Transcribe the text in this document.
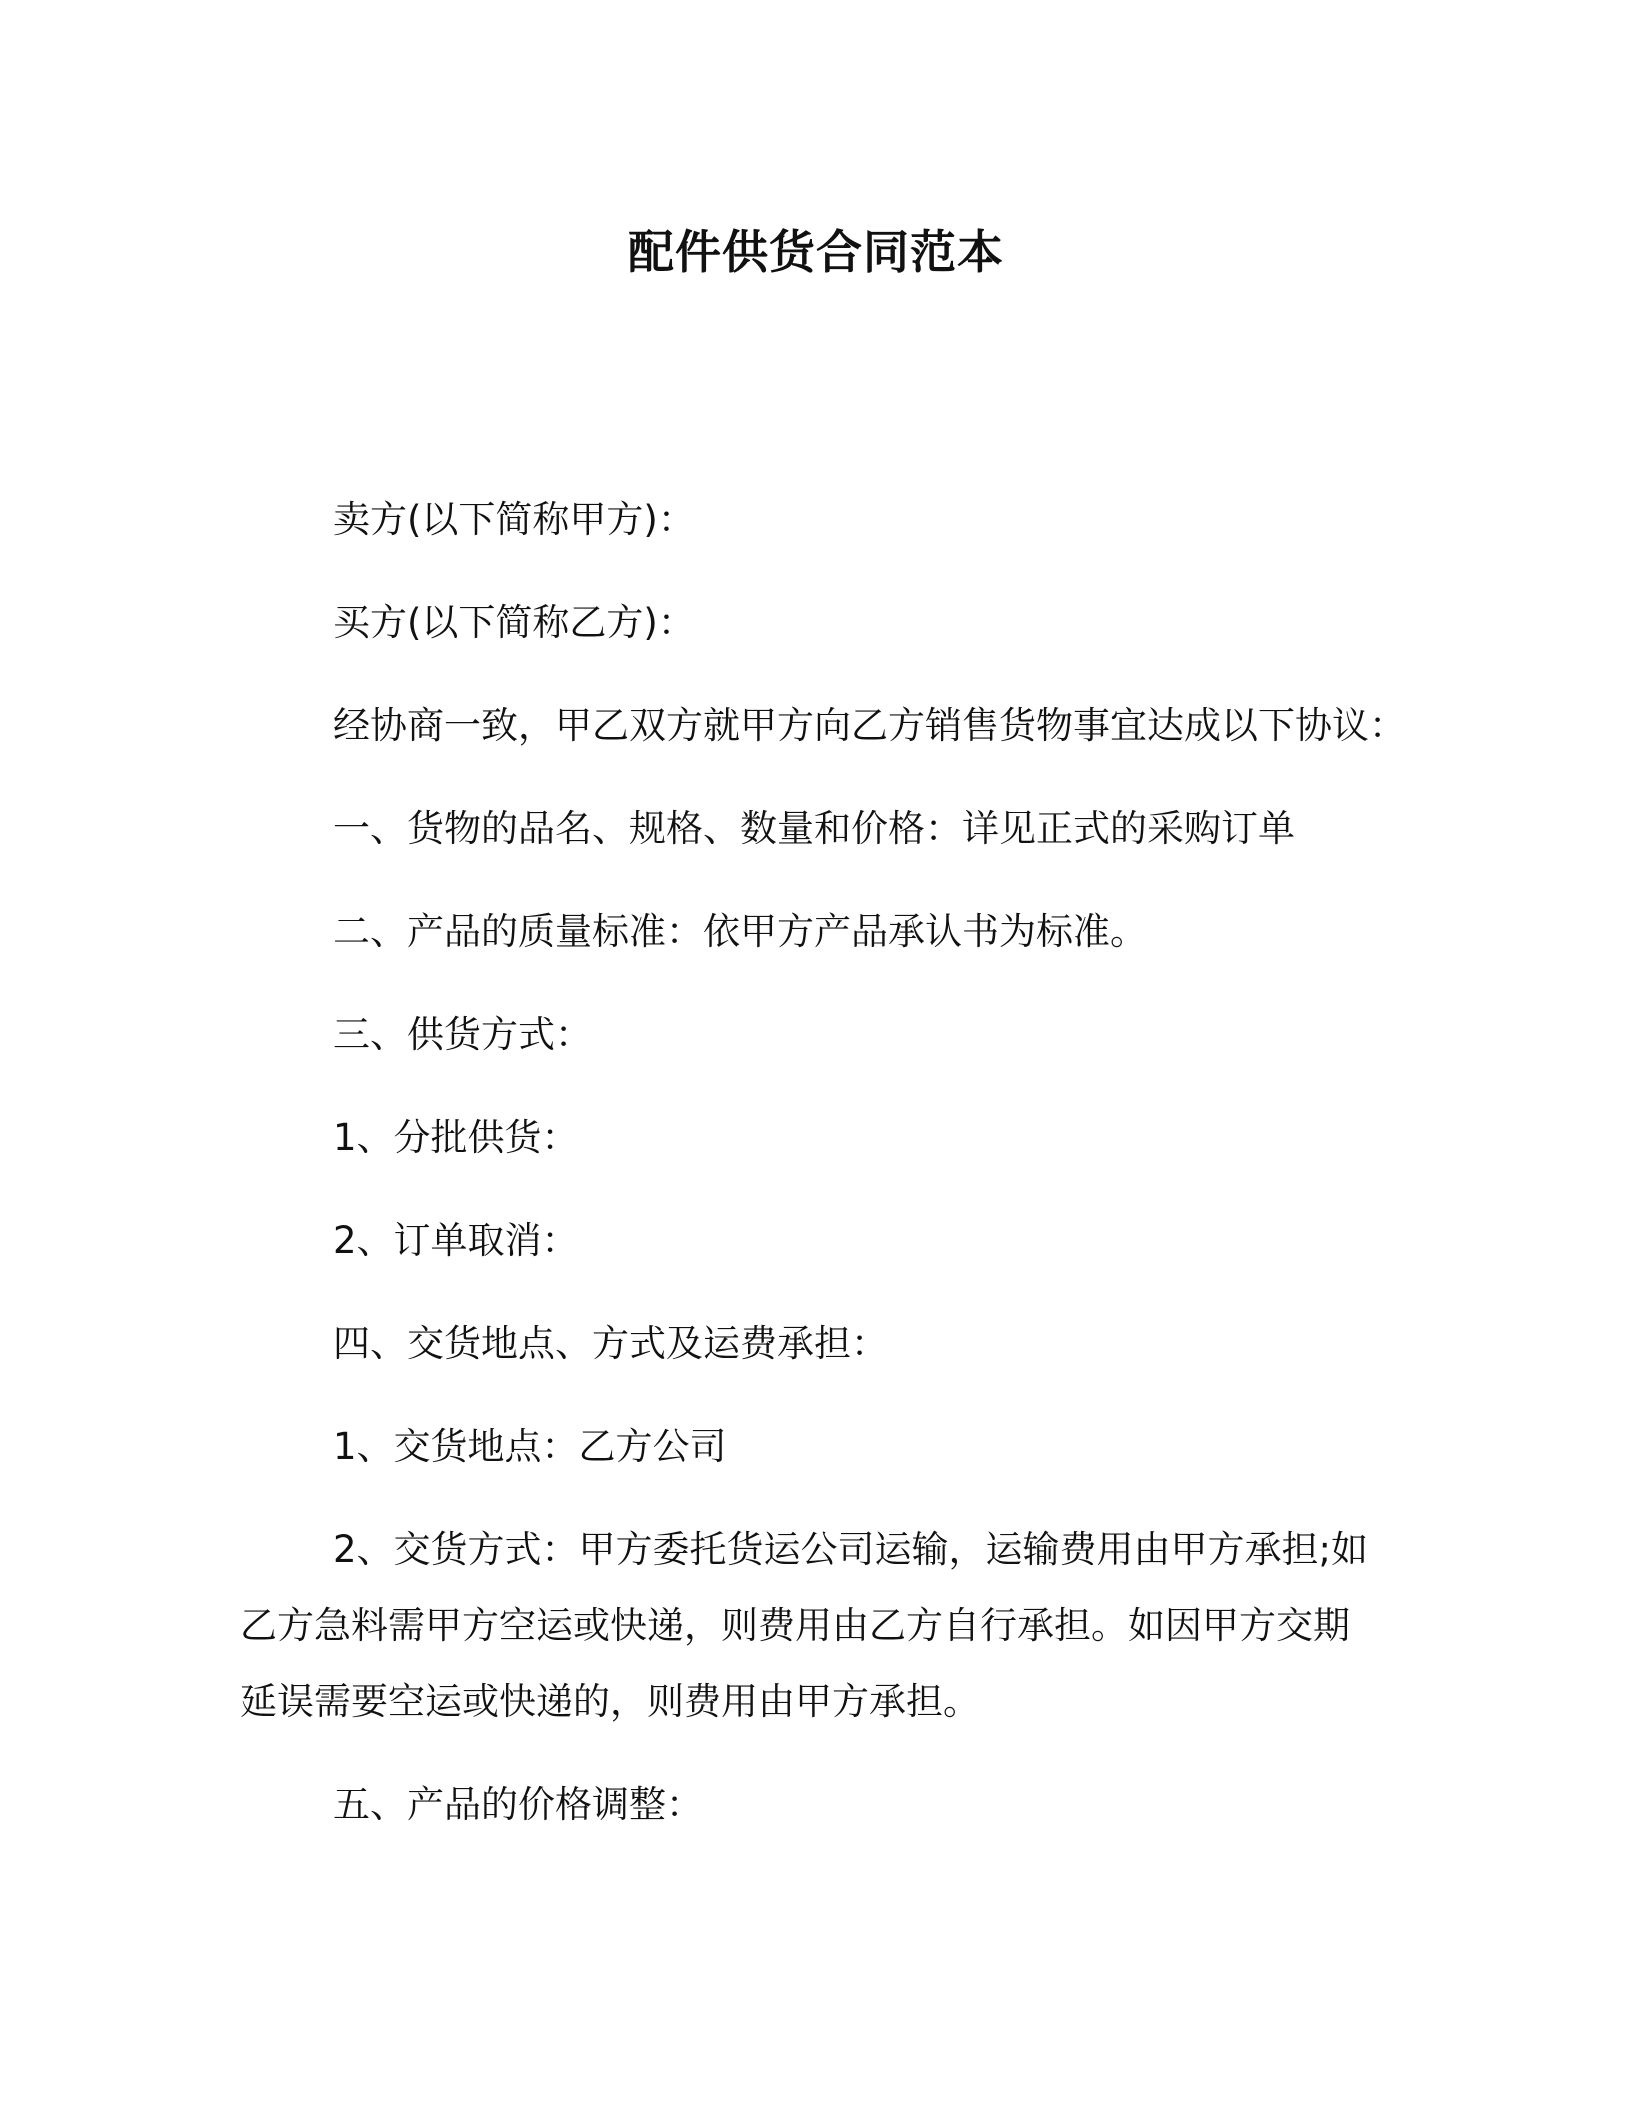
配件供货合同范本
卖方(以下简称甲方)：
买方(以下简称乙方)：
经协商一致，甲乙双方就甲方向乙方销售货物事宜达成以下协议：
一、货物的品名、规格、数量和价格：详见正式的采购订单
二、产品的质量标准：依甲方产品承认书为标准。
三、供货方式：
1、分批供货：
2、订单取消：
四、交货地点、方式及运费承担：
1、交货地点：乙方公司
2、交货方式：甲方委托货运公司运输，运输费用由甲方承担;如乙方急料需甲方空运或快递，则费用由乙方自行承担。如因甲方交期延误需要空运或快递的，则费用由甲方承担。
五、产品的价格调整：
